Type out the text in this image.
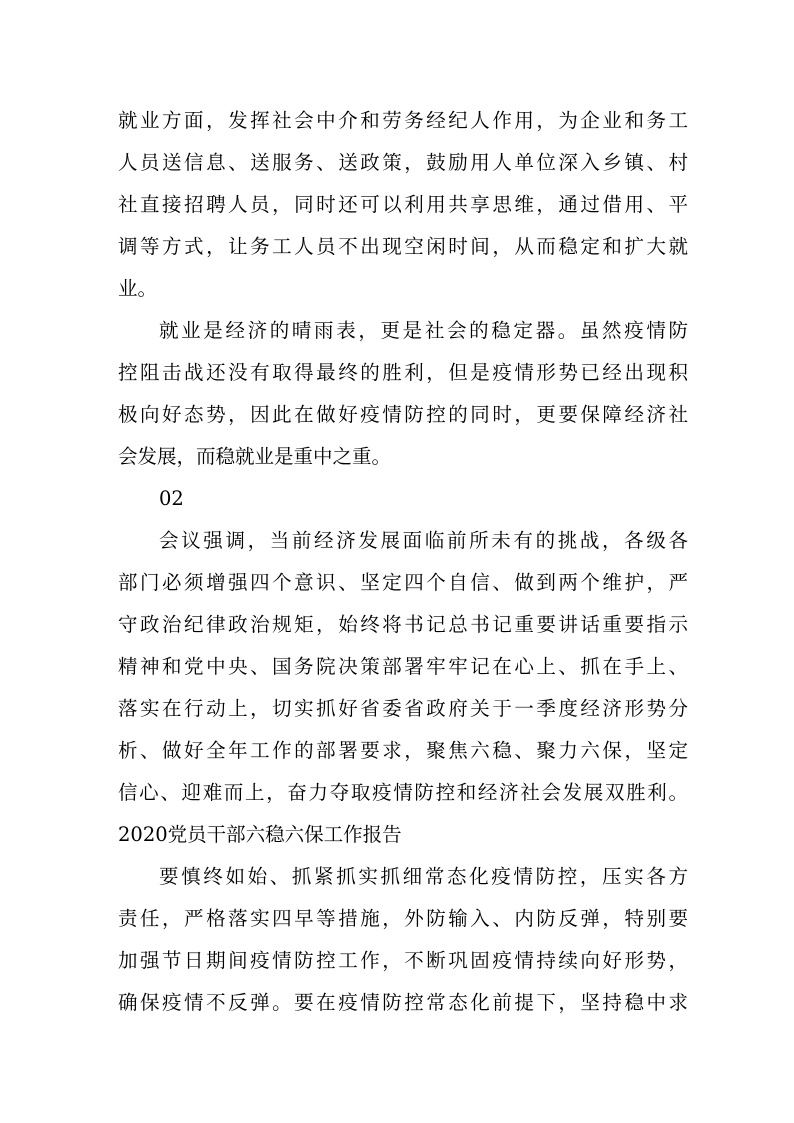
就业方面，发挥社会中介和劳务经纪人作用，为企业和务工
人员送信息、送服务、送政策，鼓励用人单位深入乡镇、村
社直接招聘人员，同时还可以利用共享思维，通过借用、平
调等方式，让务工人员不出现空闲时间，从而稳定和扩大就
业。
就业是经济的晴雨表，更是社会的稳定器。虽然疫情防
控阻击战还没有取得最终的胜利，但是疫情形势已经出现积
极向好态势，因此在做好疫情防控的同时，更要保障经济社
会发展，而稳就业是重中之重。
02
会议强调，当前经济发展面临前所未有的挑战，各级各
部门必须增强四个意识、坚定四个自信、做到两个维护，严
守政治纪律政治规矩，始终将书记总书记重要讲话重要指示
精神和党中央、国务院决策部署牢牢记在心上、抓在手上、
落实在行动上，切实抓好省委省政府关于一季度经济形势分
析、做好全年工作的部署要求，聚焦六稳、聚力六保，坚定
信心、迎难而上，奋力夺取疫情防控和经济社会发展双胜利。
2020党员干部六稳六保工作报告
要慎终如始、抓紧抓实抓细常态化疫情防控，压实各方
责任，严格落实四早等措施，外防输入、内防反弹，特别要
加强节日期间疫情防控工作，不断巩固疫情持续向好形势，
确保疫情不反弹。要在疫情防控常态化前提下，坚持稳中求
